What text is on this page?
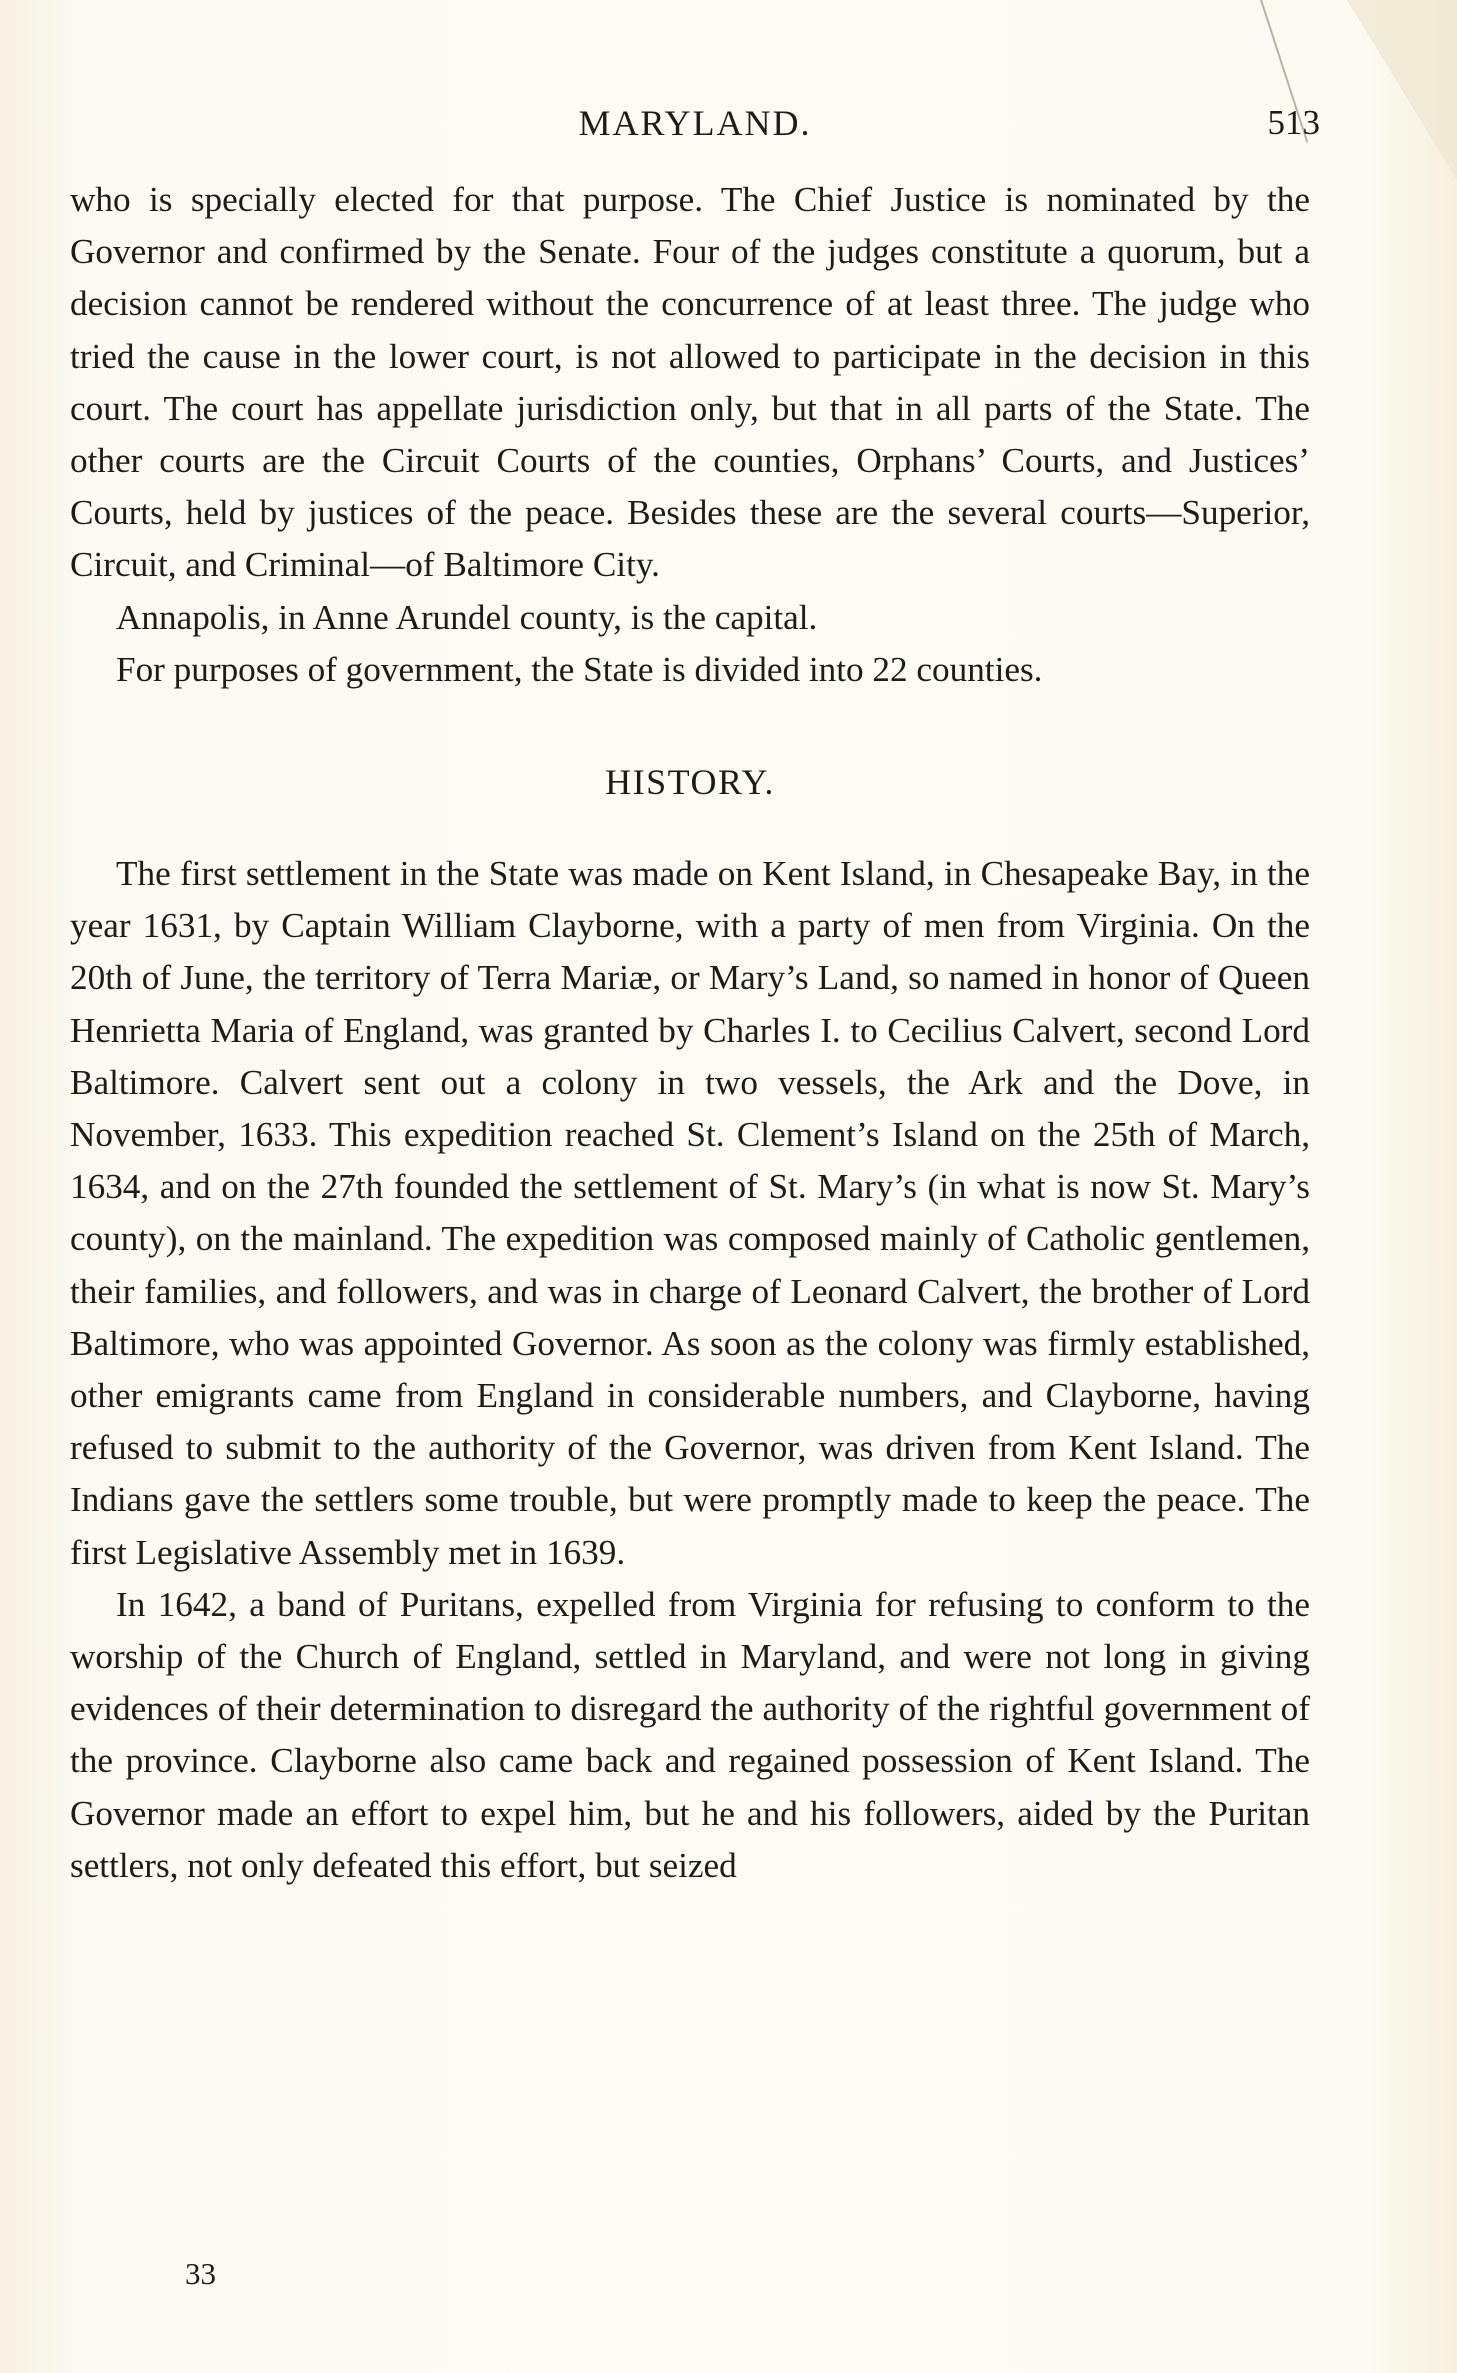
MARYLAND.	513

who is specially elected for that purpose. The Chief Justice is nominated by the Governor and confirmed by the Senate. Four of the judges constitute a quorum, but a decision cannot be rendered without the concurrence of at least three. The judge who tried the cause in the lower court, is not allowed to participate in the decision in this court. The court has appellate jurisdiction only, but that in all parts of the State. The other courts are the Circuit Courts of the counties, Orphans’ Courts, and Justices’ Courts, held by justices of the peace. Besides these are the several courts—Superior, Circuit, and Criminal—of Baltimore City.

Annapolis, in Anne Arundel county, is the capital.

For purposes of government, the State is divided into 22 counties.

HISTORY.

The first settlement in the State was made on Kent Island, in Chesapeake Bay, in the year 1631, by Captain William Clayborne, with a party of men from Virginia. On the 20th of June, the territory of Terra Mariæ, or Mary’s Land, so named in honor of Queen Henrietta Maria of England, was granted by Charles I. to Cecilius Calvert, second Lord Baltimore. Calvert sent out a colony in two vessels, the Ark and the Dove, in November, 1633. This expedition reached St. Clement’s Island on the 25th of March, 1634, and on the 27th founded the settlement of St. Mary’s (in what is now St. Mary’s county), on the mainland. The expedition was composed mainly of Catholic gentlemen, their families, and followers, and was in charge of Leonard Calvert, the brother of Lord Baltimore, who was appointed Governor. As soon as the colony was firmly established, other emigrants came from England in considerable numbers, and Clayborne, having refused to submit to the authority of the Governor, was driven from Kent Island. The Indians gave the settlers some trouble, but were promptly made to keep the peace. The first Legislative Assembly met in 1639.

In 1642, a band of Puritans, expelled from Virginia for refusing to conform to the worship of the Church of England, settled in Maryland, and were not long in giving evidences of their determination to disregard the authority of the rightful government of the province. Clayborne also came back and regained possession of Kent Island. The Governor made an effort to expel him, but he and his followers, aided by the Puritan settlers, not only defeated this effort, but seized

33
